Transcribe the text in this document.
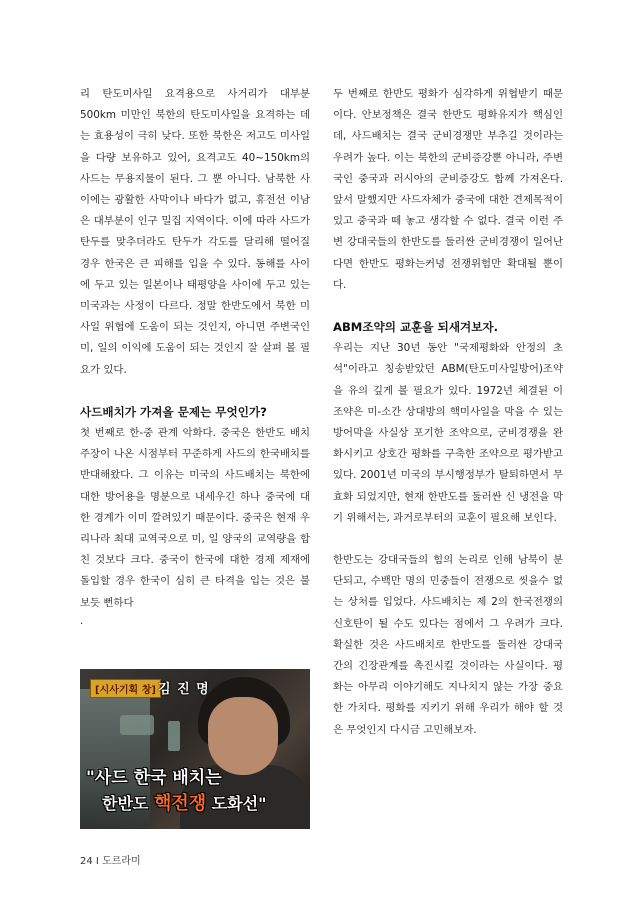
리 탄도미사일 요격용으로 사거리가 대부분 500km 미만인 북한의 탄도미사일을 요격하는 데는 효용성이 극히 낮다. 또한 북한은 저고도 미사일을 다량 보유하고 있어, 요격고도 40~150km의 사드는 무용지물이 된다. 그 뿐 아니다. 남북한 사이에는 광활한 사막이나 바다가 없고, 휴전선 이남은 대부분이 인구 밀집 지역이다. 이에 따라 사드가 탄두를 맞추더라도 탄두가 각도를 달리해 떨어질 경우 한국은 큰 피해를 입을 수 있다. 동해를 사이에 두고 있는 일본이나 태평양을 사이에 두고 있는 미국과는 사정이 다르다. 정말 한반도에서 북한 미사일 위협에 도움이 되는 것인지, 아니면 주변국인 미, 일의 이익에 도움이 되는 것인지 잘 살펴 볼 필요가 있다.

사드배치가 가져올 문제는 무엇인가?

첫 번째로 한-중 관계 악화다. 중국은 한반도 배치 주장이 나온 시점부터 꾸준하게 사드의 한국배치를 반대해왔다. 그 이유는 미국의 사드배치는 북한에 대한 방어용을 명분으로 내세우긴 하나 중국에 대한 경계가 이미 깔려있기 때문이다. 중국은 현재 우리나라 최대 교역국으로 미, 일 양국의 교역량을 합친 것보다 크다. 중국이 한국에 대한 경제 제재에 돌입할 경우 한국이 심히 큰 타격을 입는 것은 불 보듯 뻔하다

.

[시사기획 창] 김 진 명
"사드 한국 배치는
한반도 핵전쟁 도화선"

두 번째로 한반도 평화가 심각하게 위협받기 때문이다. 안보정책은 결국 한반도 평화유지가 핵심인데, 사드배치는 결국 군비경쟁만 부추길 것이라는 우려가 높다. 이는 북한의 군비증강뿐 아니라, 주변국인 중국과 러시아의 군비증강도 함께 가져온다. 앞서 말했지만 사드자체가 중국에 대한 견제목적이 있고 중국과 떼 놓고 생각할 수 없다. 결국 이런 주변 강대국들의 한반도를 둘러싼 군비경쟁이 일어난다면 한반도 평화는커녕 전쟁위험만 확대될 뿐이다.

ABM조약의 교훈을 되새겨보자.

우리는 지난 30년 동안 "국제평화와 안정의 초석"이라고 칭송받았던 ABM(탄도미사일방어)조약을 유의 깊게 볼 필요가 있다. 1972년 체결된 이 조약은 미-소간 상대방의 핵미사일을 막을 수 있는 방어막을 사실상 포기한 조약으로, 군비경쟁을 완화시키고 상호간 평화를 구축한 조약으로 평가받고 있다. 2001년 미국의 부시행정부가 탈퇴하면서 무효화 되었지만, 현재 한반도를 둘러싼 신 냉전을 막기 위해서는, 과거로부터의 교훈이 필요해 보인다.

한반도는 강대국들의 힘의 논리로 인해 남북이 분단되고, 수백만 명의 민중들이 전쟁으로 씻을수 없는 상처를 입었다. 사드배치는 제 2의 한국전쟁의 신호탄이 될 수도 있다는 점에서 그 우려가 크다. 확실한 것은 사드배치로 한반도를 둘러싼 강대국 간의 긴장관계를 촉진시킬 것이라는 사실이다. 평화는 아무리 이야기해도 지나치지 않는 가장 중요한 가치다. 평화를 지키기 위해 우리가 해야 할 것은 무엇인지 다시금 고민해보자.

24 I 도르라미
